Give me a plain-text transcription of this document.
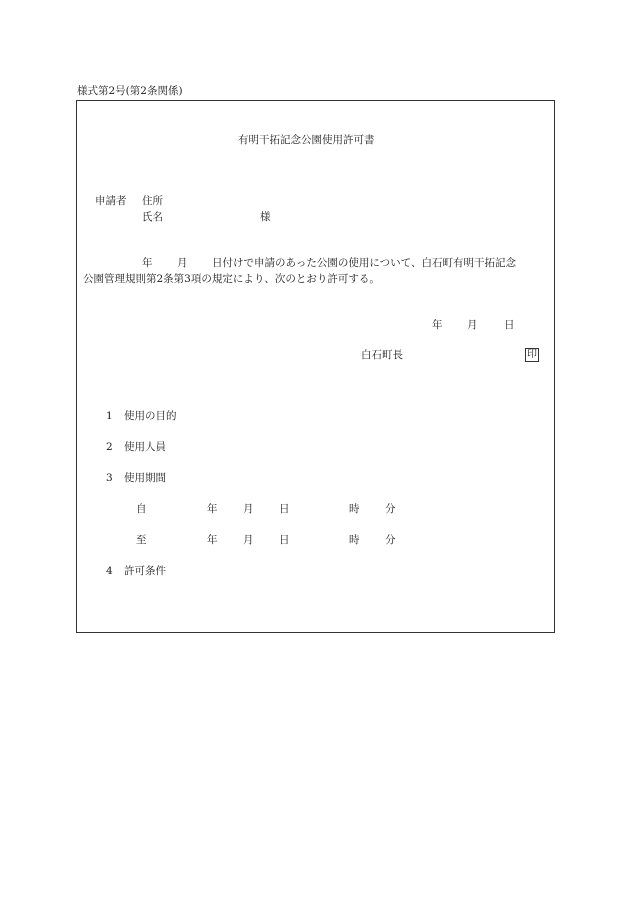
様式第2号(第2条関係)
有明干拓記念公園使用許可書
申請者 住所
氏名	様
年 月 日付けで申請のあった公園の使用について、白石町有明干拓記念
公園管理規則第2条第3項の規定により、次のとおり許可する。
年 月	日
白石町長	印
1 使用の目的
2 使用人員
3 使用期間
自	年 月 日	時 分
至	年 月 日	時 分
4 許可条件
